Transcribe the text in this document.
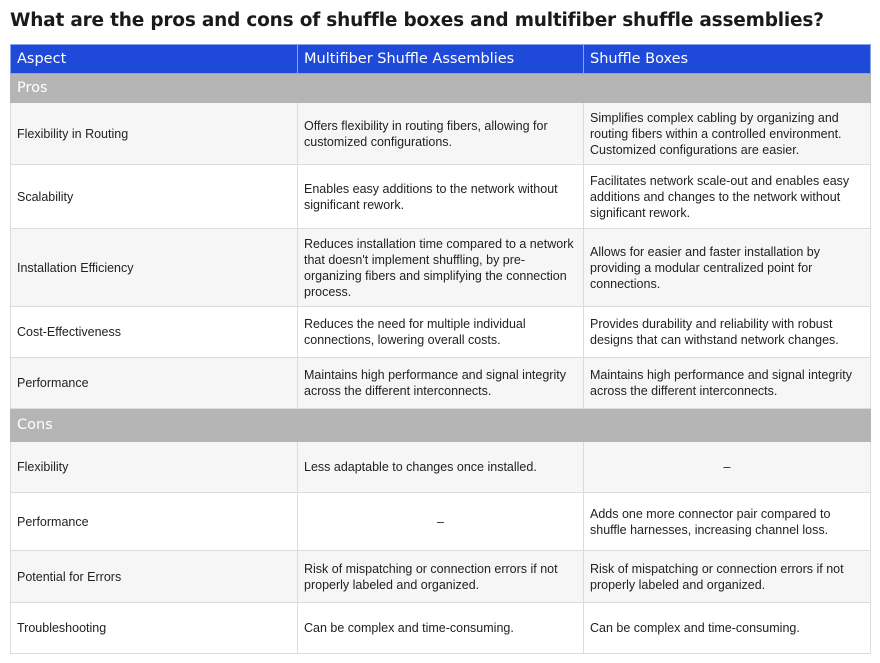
What are the pros and cons of shuffle boxes and multifiber shuffle assemblies?
Aspect	Multifiber Shuffle Assemblies	Shuffle Boxes
Pros		
Flexibility in Routing	Offers flexibility in routing fibers, allowing for customized configurations.	Simplifies complex cabling by organizing and routing fibers within a controlled environment. Customized configurations are easier.
Scalability	Enables easy additions to the network without significant rework.	Facilitates network scale-out and enables easy additions and changes to the network without significant rework.
Installation Efficiency	Reduces installation time compared to a network that doesn't implement shuffling, by pre-organizing fibers and simplifying the connection process.	Allows for easier and faster installation by providing a modular centralized point for connections.
Cost-Effectiveness	Reduces the need for multiple individual connections, lowering overall costs.	Provides durability and reliability with robust designs that can withstand network changes.
Performance	Maintains high performance and signal integrity across the different interconnects.	Maintains high performance and signal integrity across the different interconnects.
Cons		
Flexibility	Less adaptable to changes once installed.	–
Performance	–	Adds one more connector pair compared to shuffle harnesses, increasing channel loss.
Potential for Errors	Risk of mispatching or connection errors if not properly labeled and organized.	Risk of mispatching or connection errors if not properly labeled and organized.
Troubleshooting	Can be complex and time-consuming.	Can be complex and time-consuming.
